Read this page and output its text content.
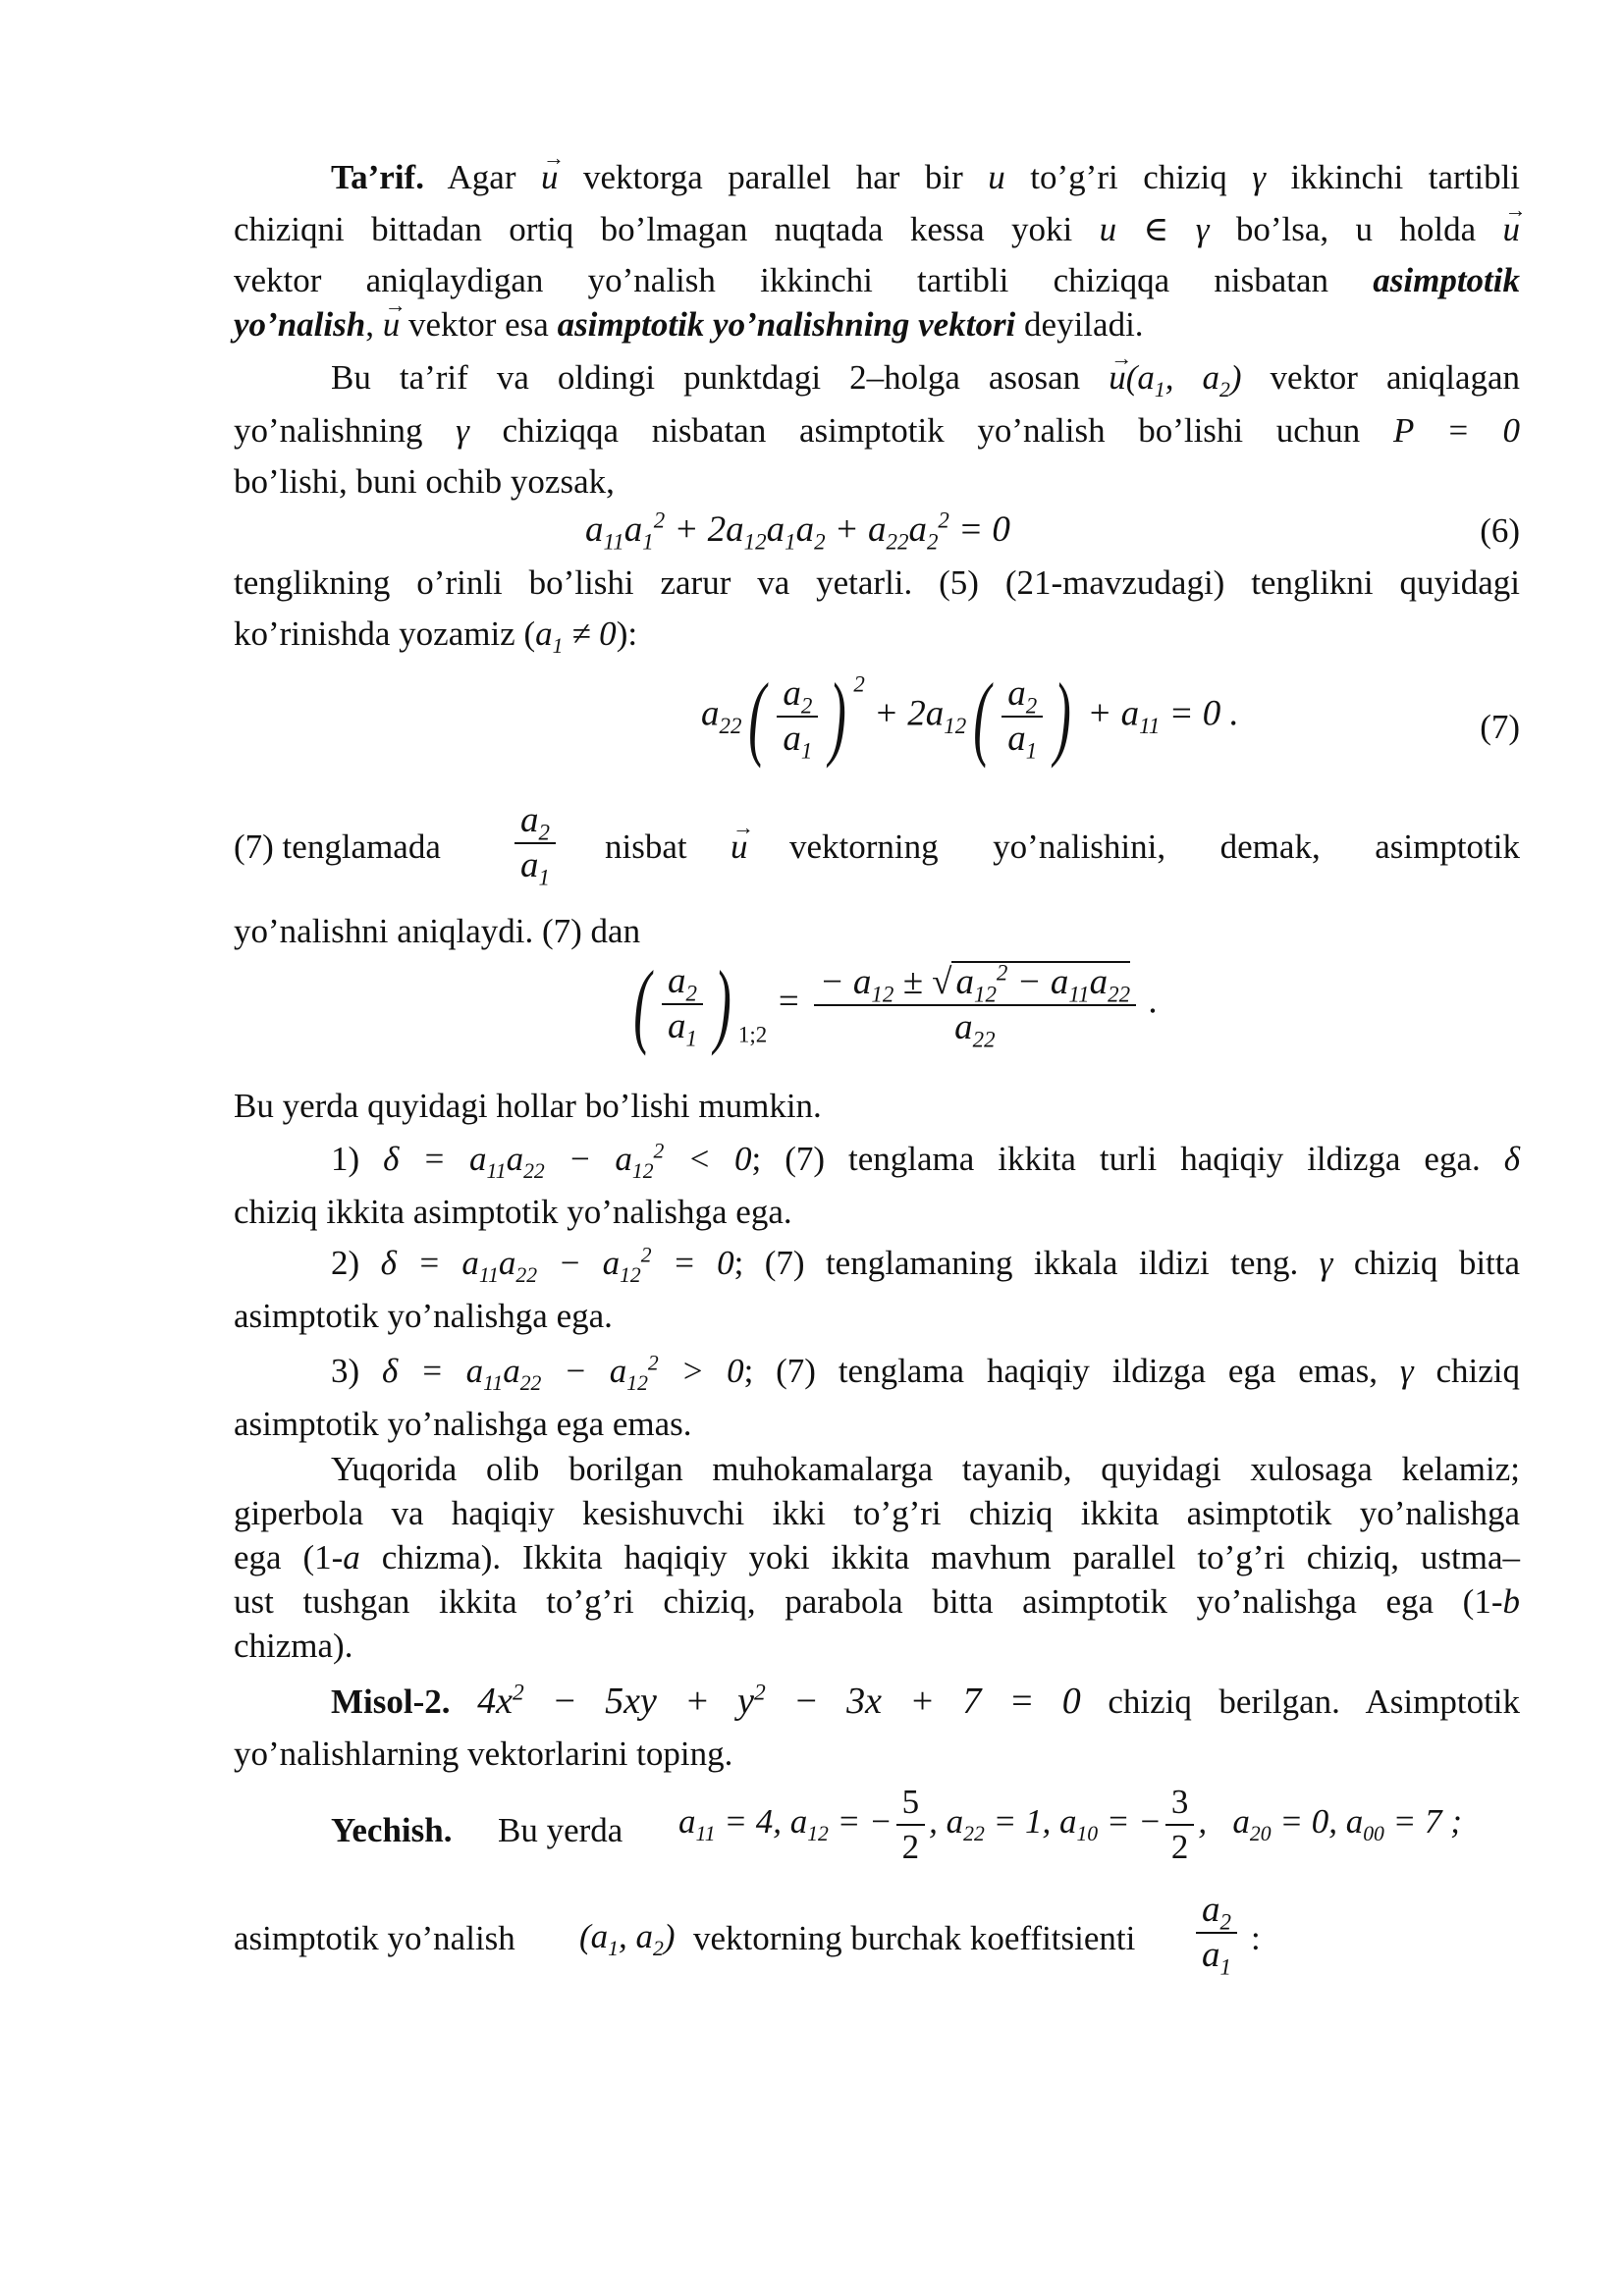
Ta’rif. Agar → u vektorga parallel har bir u to’g’ri chiziq γ ikkinchi tartibli
chiziqni bittadan ortiq bo’lmagan nuqtada kessa yoki u ∈ γ bo’lsa, u holda → u
vektor aniqlaydigan yo’nalish ikkinchi tartibli chiziqqa nisbatan asimptotik
yo’nalish, → u vektor esa asimptotik yo’nalishning vektori deyiladi.
Bu ta’rif va oldingi punktdagi 2–holga asosan → $u(a_1$, $a_2$) vektor aniqlagan
yo’nalishning γ chiziqqa nisbatan asimptotik yo’nalish bo’lishi uchun P = 0
bo’lishi, buni ochib yozsak,
$a_{11}a_1^2 + 2a_{12}a_1a_2 + a_{22}a_2^2 = 0$	(6)
tenglikning o’rinli bo’lishi zarur va yetarli. (5) (21-mavzudagi) tenglikni quyidagi
ko’rinishda yozamiz $(a_1 \ne 0)$:
$a_{22}( \frac{a_2}{a_1}$ ) $^2 + 2a_{12}( \frac{a_2}{a_1}$ ) + $a_{11} = 0$ .	(7)
(7) tenglamada $\frac{a_2}{a_1}$ nisbat → u vektorning yo’nalishini, demak, asimptotik
yo’nalishni aniqlaydi. (7) dan
( $\frac{a_2}{a_1}$ ) $_{1;2} = \frac{- a_{12} \pm √ a_{12}^2 - a_{11}a_{22}}{a_{22}}$ .
Bu yerda quyidagi hollar bo’lishi mumkin.
1) $\delta = a_{11}a_{22} - a_{12}^2 < 0$; (7) tenglama ikkita turli haqiqiy ildizga ega. δ
chiziq ikkita asimptotik yo’nalishga ega.
2) $\delta = a_{11}a_{22} - a_{12}^2 = 0$; (7) tenglamaning ikkala ildizi teng. γ chiziq bitta
asimptotik yo’nalishga ega.
3) $\delta = a_{11}a_{22} - a_{12}^2 > 0$; (7) tenglama haqiqiy ildizga ega emas, γ chiziq
asimptotik yo’nalishga ega emas.
Yuqorida olib borilgan muhokamalarga tayanib, quyidagi xulosaga kelamiz;
giperbola va haqiqiy kesishuvchi ikki to’g’ri chiziq ikkita asimptotik yo’nalishga
ega (1-a chizma). Ikkita haqiqiy yoki ikkita mavhum parallel to’g’ri chiziq, ustma–
ust tushgan ikkita to’g’ri chiziq, parabola bitta asimptotik yo’nalishga ega (1-b
chizma).
Misol-2. $4x^2 - 5xy + y^2 - 3x + 7 = 0$ chiziq berilgan. Asimptotik
yo’nalishlarning vektorlarini toping.
Yechish. Bu yerda $a_{11} = 4$, $a_{12}$ = − $\frac{5}{2}$ , $a_{22} = 1$, $a_{10}$ = − $\frac{3}{2}$ ,   $a_{20} = 0$, $a_{00} = 7$ ;
asimptotik yo’nalish ($a_1$, $a_2$) vektorning burchak koeffitsienti $\frac{a_2}{a_1}$ :
